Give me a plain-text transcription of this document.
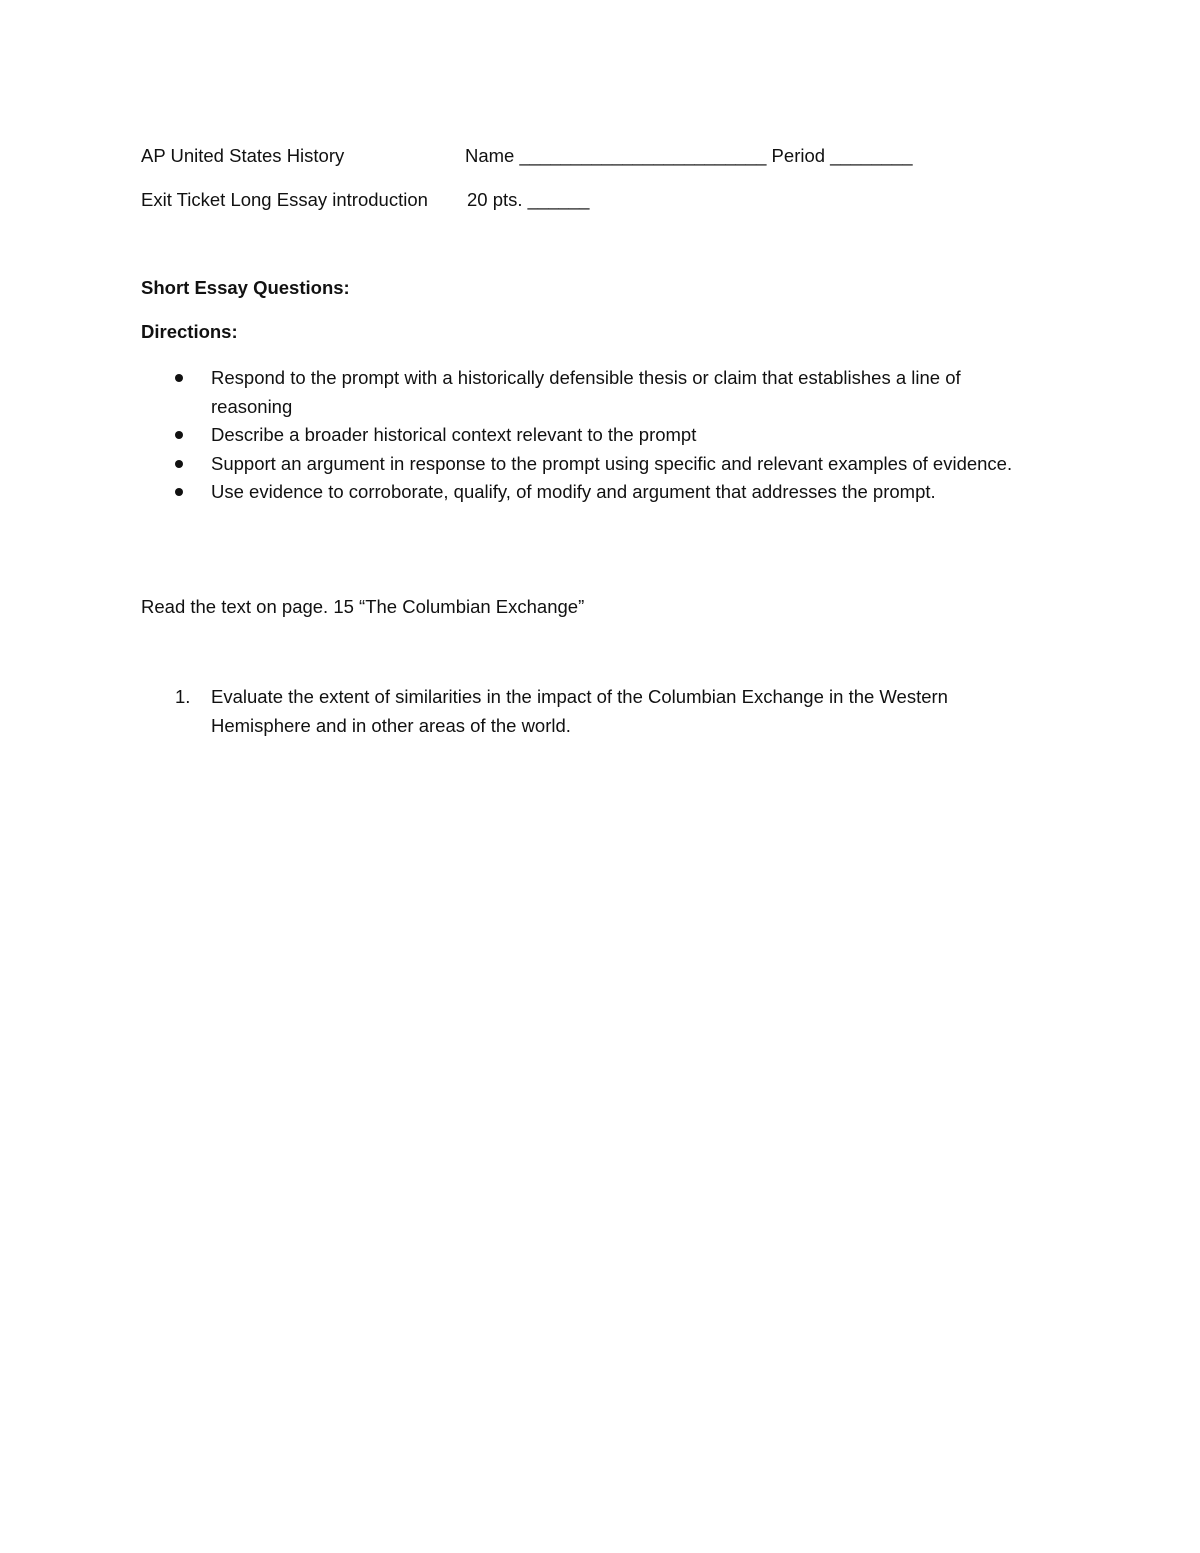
AP United States History	Name ________________________ Period ________
Exit Ticket Long Essay introduction 20 pts. ______
Short Essay Questions:
Directions:
Respond to the prompt with a historically defensible thesis or claim that establishes a line of reasoning
Describe a broader historical context relevant to the prompt
Support an argument in response to the prompt using specific and relevant examples of evidence.
Use evidence to corroborate, qualify, of modify and argument that addresses the prompt.
Read the text on page. 15 “The Columbian Exchange”
1. Evaluate the extent of similarities in the impact of the Columbian Exchange in the Western Hemisphere and in other areas of the world.
